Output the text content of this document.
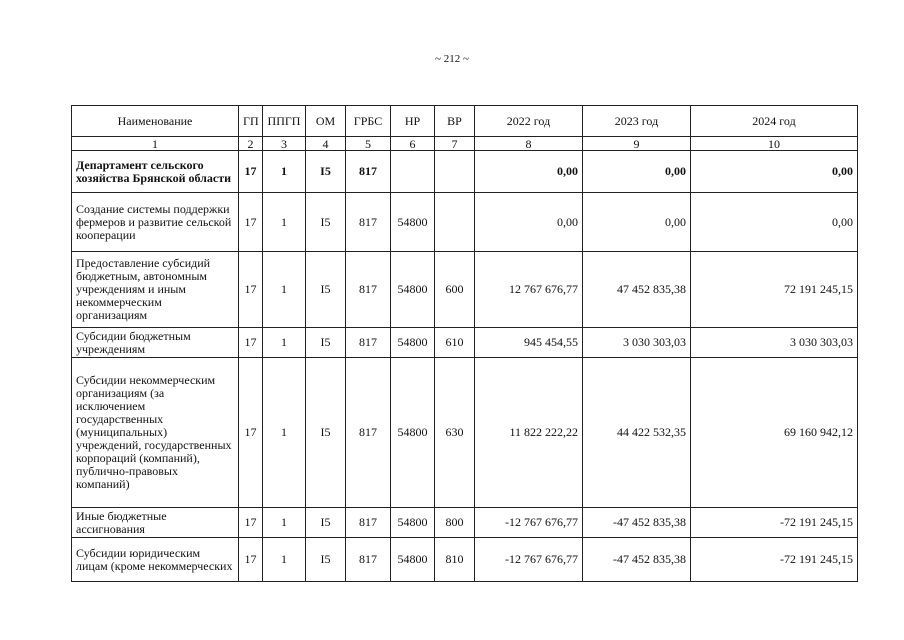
~ 212 ~
Наименование	ГП	ППГП	ОМ	ГРБС	НР	ВР	2022 год	2023 год	2024 год
1	2	3	4	5	6	7	8	9	10
Департамент сельского хозяйства Брянской области	17	1	I5	817			0,00	0,00	0,00
Создание системы поддержки фермеров и развитие сельской кооперации	17	1	I5	817	54800		0,00	0,00	0,00
Предоставление субсидий бюджетным, автономным учреждениям и иным некоммерческим организациям	17	1	I5	817	54800	600	12 767 676,77	47 452 835,38	72 191 245,15
Субсидии бюджетным учреждениям	17	1	I5	817	54800	610	945 454,55	3 030 303,03	3 030 303,03
Субсидии некоммерческим организациям (за исключением государственных (муниципальных) учреждений, государственных корпораций (компаний), публично-правовых компаний)	17	1	I5	817	54800	630	11 822 222,22	44 422 532,35	69 160 942,12
Иные бюджетные ассигнования	17	1	I5	817	54800	800	-12 767 676,77	-47 452 835,38	-72 191 245,15
Субсидии юридическим лицам (кроме некоммерческих	17	1	I5	817	54800	810	-12 767 676,77	-47 452 835,38	-72 191 245,15
